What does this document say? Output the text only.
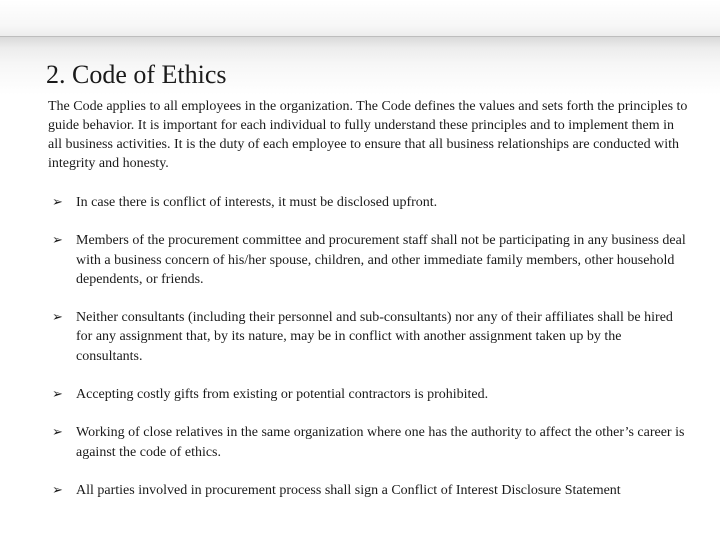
2. Code of Ethics

The Code applies to all employees in the organization. The Code defines the values and sets forth the principles to guide behavior. It is important for each individual to fully understand these principles and to implement them in all business activities. It is the duty of each employee to ensure that all business relationships are conducted with integrity and honesty.

➢ In case there is conflict of interests, it must be disclosed upfront.
➢ Members of the procurement committee and procurement staff shall not be participating in any business deal with a business concern of his/her spouse, children, and other immediate family members, other household dependents, or friends.
➢ Neither consultants (including their personnel and sub-consultants) nor any of their affiliates shall be hired for any assignment that, by its nature, may be in conflict with another assignment taken up by the consultants.
➢ Accepting costly gifts from existing or potential contractors is prohibited.
➢ Working of close relatives in the same organization where one has the authority to affect the other’s career is against the code of ethics.
➢ All parties involved in procurement process shall sign a Conflict of Interest Disclosure Statement
